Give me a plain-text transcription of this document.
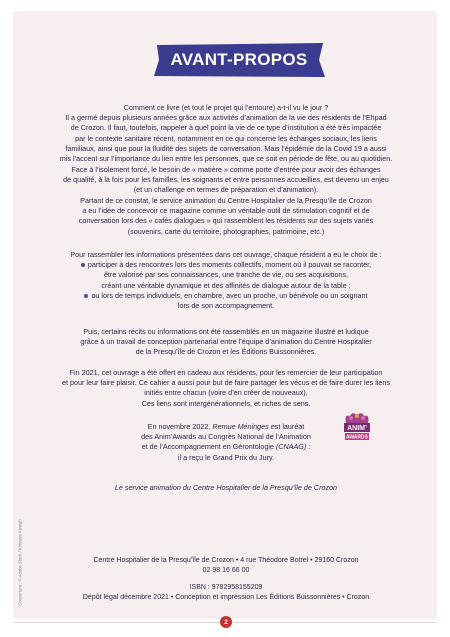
AVANT-PROPOS
Comment ce livre (et tout le projet qui l’entoure) a-t-il vu le jour ?
Il a germé depuis plusieurs années grâce aux activités d’animation de la vie des résidents de l’Ehpad
de Crozon. Il faut, toutefois, rappeler à quel point la vie de ce type d’institution a été très impactée
par le contexte sanitaire récent, notamment en ce qui concerne les échanges sociaux, les liens
familiaux, ainsi que pour la fluidité des sujets de conversation. Mais l’épidémie de la Covid 19 a aussi
mis l’accent sur l’importance du lien entre les personnes, que ce soit en période de fête, ou au quotidien.
Face à l’isolement forcé, le besoin de « matière » comme porte d’entrée pour avoir des échanges
de qualité, à la fois pour les familles, les soignants et entre personnes accueillies, est devenu un enjeu
(et un challenge en termes de préparation et d’animation).
Partant de ce constat, le service animation du Centre Hospitalier de la Presqu’île de Crozon
a eu l’idée de concevoir ce magazine comme un véritable outil de stimulation cognitif et de
conversation lors des « cafés dialogues » qui rassemblent les résidents sur des sujets variés
(souvenirs, carte du territoire, photographies, patrimoine, etc.)
Pour rassembler les informations présentées dans cet ouvrage, chaque résident a eu le choix de :
participer à des rencontres lors des moments collectifs, moment où il pouvait se raconter,
être valorisé par ses connaissances, une tranche de vie, ou ses acquisitions,
créant une véritable dynamique et des affinités de dialogue autour de la table ;
ou lors de temps individuels, en chambre, avec un proche, un bénévole ou un soignant
lors de son accompagnement.
Puis, certains récits ou informations ont été rassemblés en un magazine illustré et ludique
grâce à un travail de conception partenarial entre l’équipe d’animation du Centre Hospitalier
de la Presqu’île de Crozon et les Éditions Buissonnières.
Fin 2021, cet ouvrage a été offert en cadeau aux résidents, pour les remercier de leur participation
et pour leur faire plaisir. Ce cahier a aussi pour but de faire partager les vécus et de faire durer les liens
initiés entre chacun (voire d’en créer de nouveaux).
Ces liens sont intergénérationnels, et riches de sens.
En novembre 2022, Remue Méninges est lauréat
des Anim’Awards au Congrès National de l’Animation
et de l’Accompagnement en Gérontologie (CNAAG) :
il a reçu le Grand Prix du Jury.
ANIM’
AWARDS
Le service animation du Centre Hospitalier de la Presqu’île de Crozon
Couverture : © Adobe Stock / Kittiyaya Kweejh	Centre Hospitalier de la Presqu’île de Crozon • 4 rue Théodore Botrel • 29160 Crozon
02 98 16 66 00
ISBN : 9782958155209
Dépôt légal décembre 2021 • Conception et impression Les Éditions Buissonnières • Crozon
2
